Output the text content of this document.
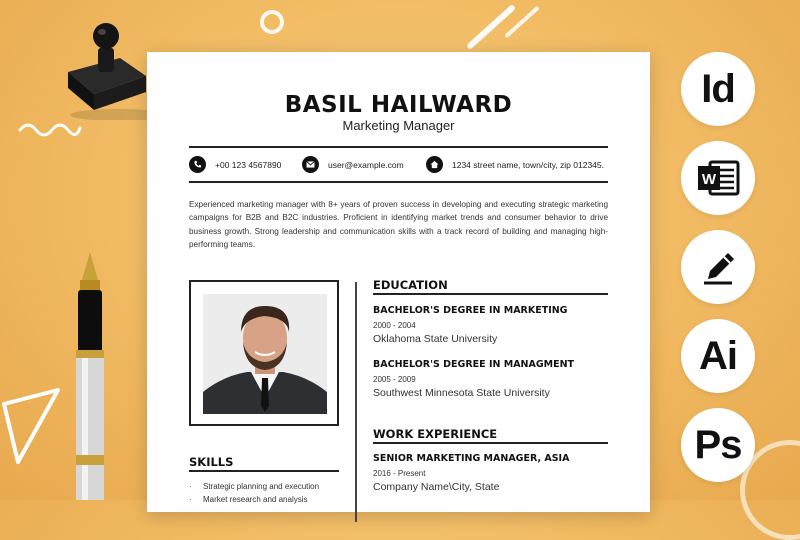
Id
W
Ai
Ps
BASIL HAILWARD
Marketing Manager
+00 123 4567890	user@example.com	1234 street name, town/city, zip 012345.
Experienced marketing manager with 8+ years of proven success in developing and executing strategic marketing campaigns for B2B and B2C industries. Proficient in identifying market trends and consumer behavior to drive business growth. Strong leadership and communication skills with a track record of building and managing high-performing teams.
EDUCATION
BACHELOR'S DEGREE IN MARKETING
2000 - 2004
Oklahoma State University
BACHELOR'S DEGREE IN MANAGMENT
2005 - 2009
Southwest Minnesota State University
WORK EXPERIENCE
SENIOR MARKETING MANAGER, ASIA
2016 - Present
Company Name\City, State
SKILLS
· Strategic planning and execution
· Market research and analysis
